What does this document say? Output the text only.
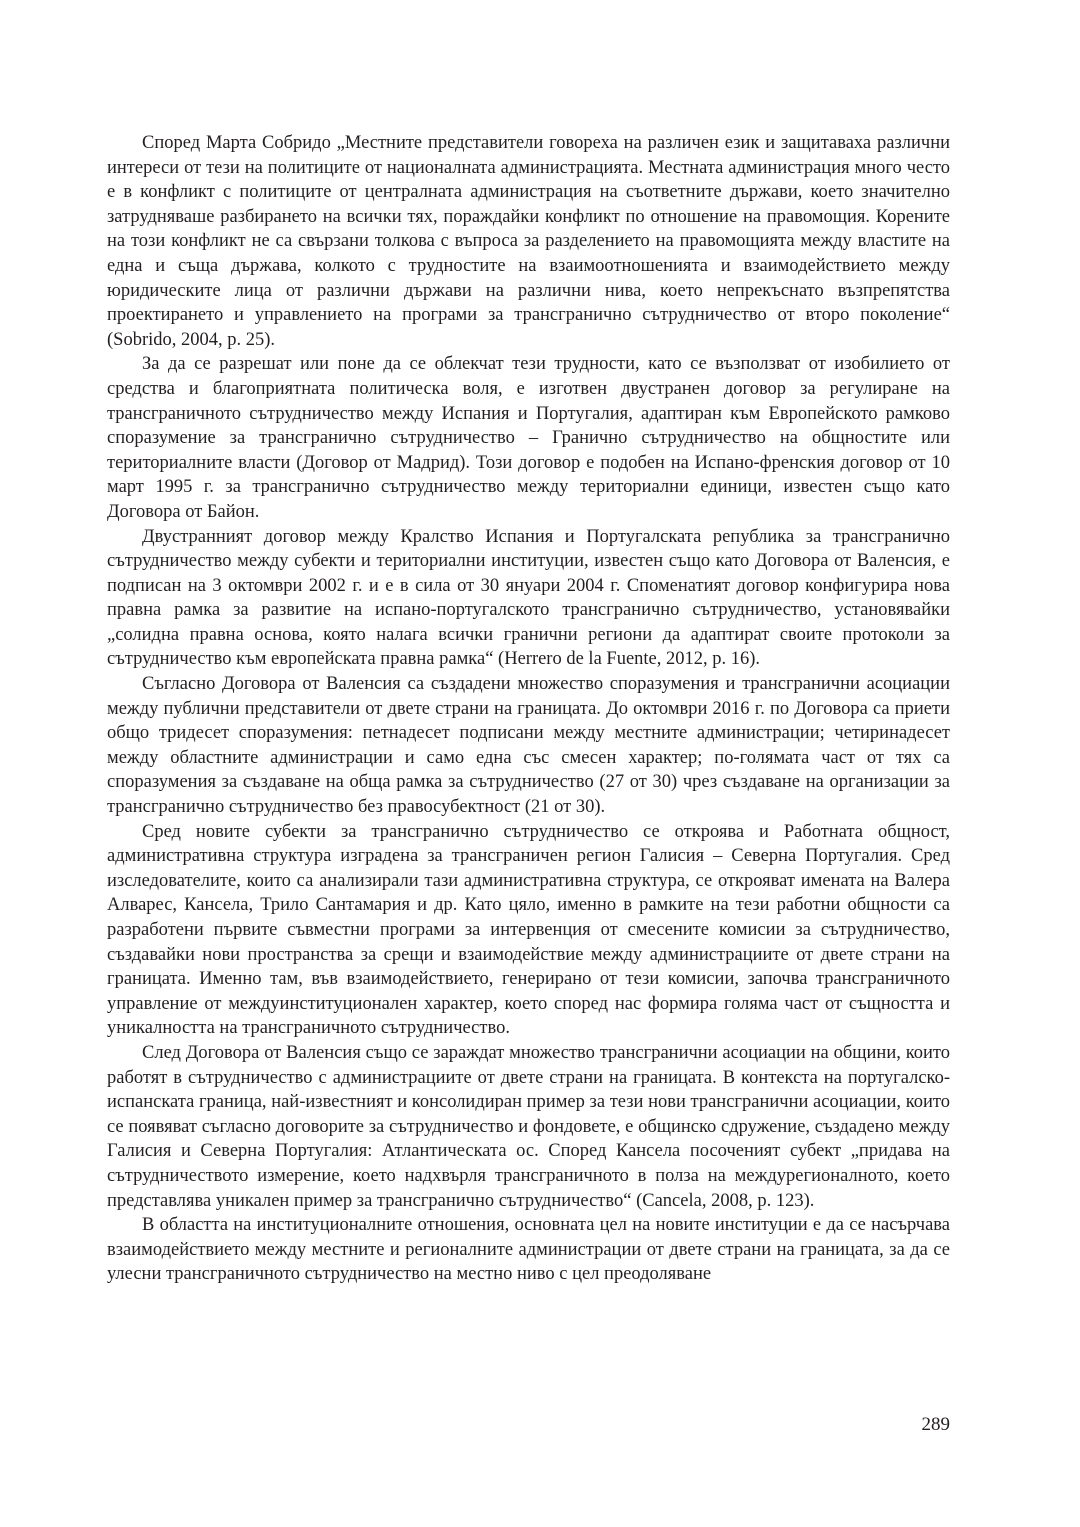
Според Марта Собридо „Местните представители говореха на различен език и защитаваха различни интереси от тези на политиците от националната администрацията. Местната администрация много често е в конфликт с политиците от централната администрация на съответните държави, което значително затрудняваше разбирането на всички тях, пораждайки конфликт по отношение на правомощия. Корените на този конфликт не са свързани толкова с въпроса за разделението на правомощията между властите на една и съща държава, колкото с трудностите на взаимоотношенията и взаимодействието между юридическите лица от различни държави на различни нива, което непрекъснато възпрепятства проектирането и управлението на програми за трансгранично сътрудничество от второ поколение“ (Sobrido, 2004, p. 25).

За да се разрешат или поне да се облекчат тези трудности, като се възползват от изобилието от средства и благоприятната политическа воля, е изготвен двустранен договор за регулиране на трансграничното сътрудничество между Испания и Португалия, адаптиран към Европейското рамково споразумение за трансгранично сътрудничество – Гранично сътрудничество на общностите или териториалните власти (Договор от Мадрид). Този договор е подобен на Испано-френския договор от 10 март 1995 г. за трансгранично сътрудничество между териториални единици, известен също като Договора от Байон.

Двустранният договор между Кралство Испания и Португалската република за трансгранично сътрудничество между субекти и териториални институции, известен също като Договора от Валенсия, е подписан на 3 октомври 2002 г. и е в сила от 30 януари 2004 г. Споменатият договор конфигурира нова правна рамка за развитие на испано-португалското трансгранично сътрудничество, установявайки „солидна правна основа, която налага всички гранични региони да адаптират своите протоколи за сътрудничество към европейската правна рамка“ (Herrero de la Fuente, 2012, p. 16).

Съгласно Договора от Валенсия са създадени множество споразумения и трансгранични асоциации между публични представители от двете страни на границата. До октомври 2016 г. по Договора са приети общо тридесет споразумения: петнадесет подписани между местните администрации; четиринадесет между областните администрации и само една със смесен характер; по-голямата част от тях са споразумения за създаване на обща рамка за сътрудничество (27 от 30) чрез създаване на организации за трансгранично сътрудничество без правосубектност (21 от 30).

Сред новите субекти за трансгранично сътрудничество се откроява и Работната общност, административна структура изградена за трансграничен регион Галисия – Северна Португалия. Сред изследователите, които са анализирали тази административна структура, се открояват имената на Валера Алварес, Кансела, Трило Сантамария и др. Като цяло, именно в рамките на тези работни общности са разработени първите съвместни програми за интервенция от смесените комисии за сътрудничество, създавайки нови пространства за срещи и взаимодействие между администрациите от двете страни на границата. Именно там, във взаимодействието, генерирано от тези комисии, започва трансграничното управление от междуинституционален характер, което според нас формира голяма част от същността и уникалността на трансграничното сътрудничество.

След Договора от Валенсия също се зараждат множество трансгранични асоциации на общини, които работят в сътрудничество с администрациите от двете страни на границата. В контекста на португалско-испанската граница, най-известният и консолидиран пример за тези нови трансгранични асоциации, които се появяват съгласно договорите за сътрудничество и фондовете, е общинско сдружение, създадено между Галисия и Северна Португалия: Атлантическата ос. Според Кансела посоченият субект „придава на сътрудничеството измерение, което надхвърля трансграничното в полза на междурегионалното, което представлява уникален пример за трансгранично сътрудничество“ (Cancela, 2008, p. 123).

В областта на институционалните отношения, основната цел на новите институции е да се насърчава взаимодействието между местните и регионалните администрации от двете страни на границата, за да се улесни трансграничното сътрудничество на местно ниво с цел преодоляване

289
